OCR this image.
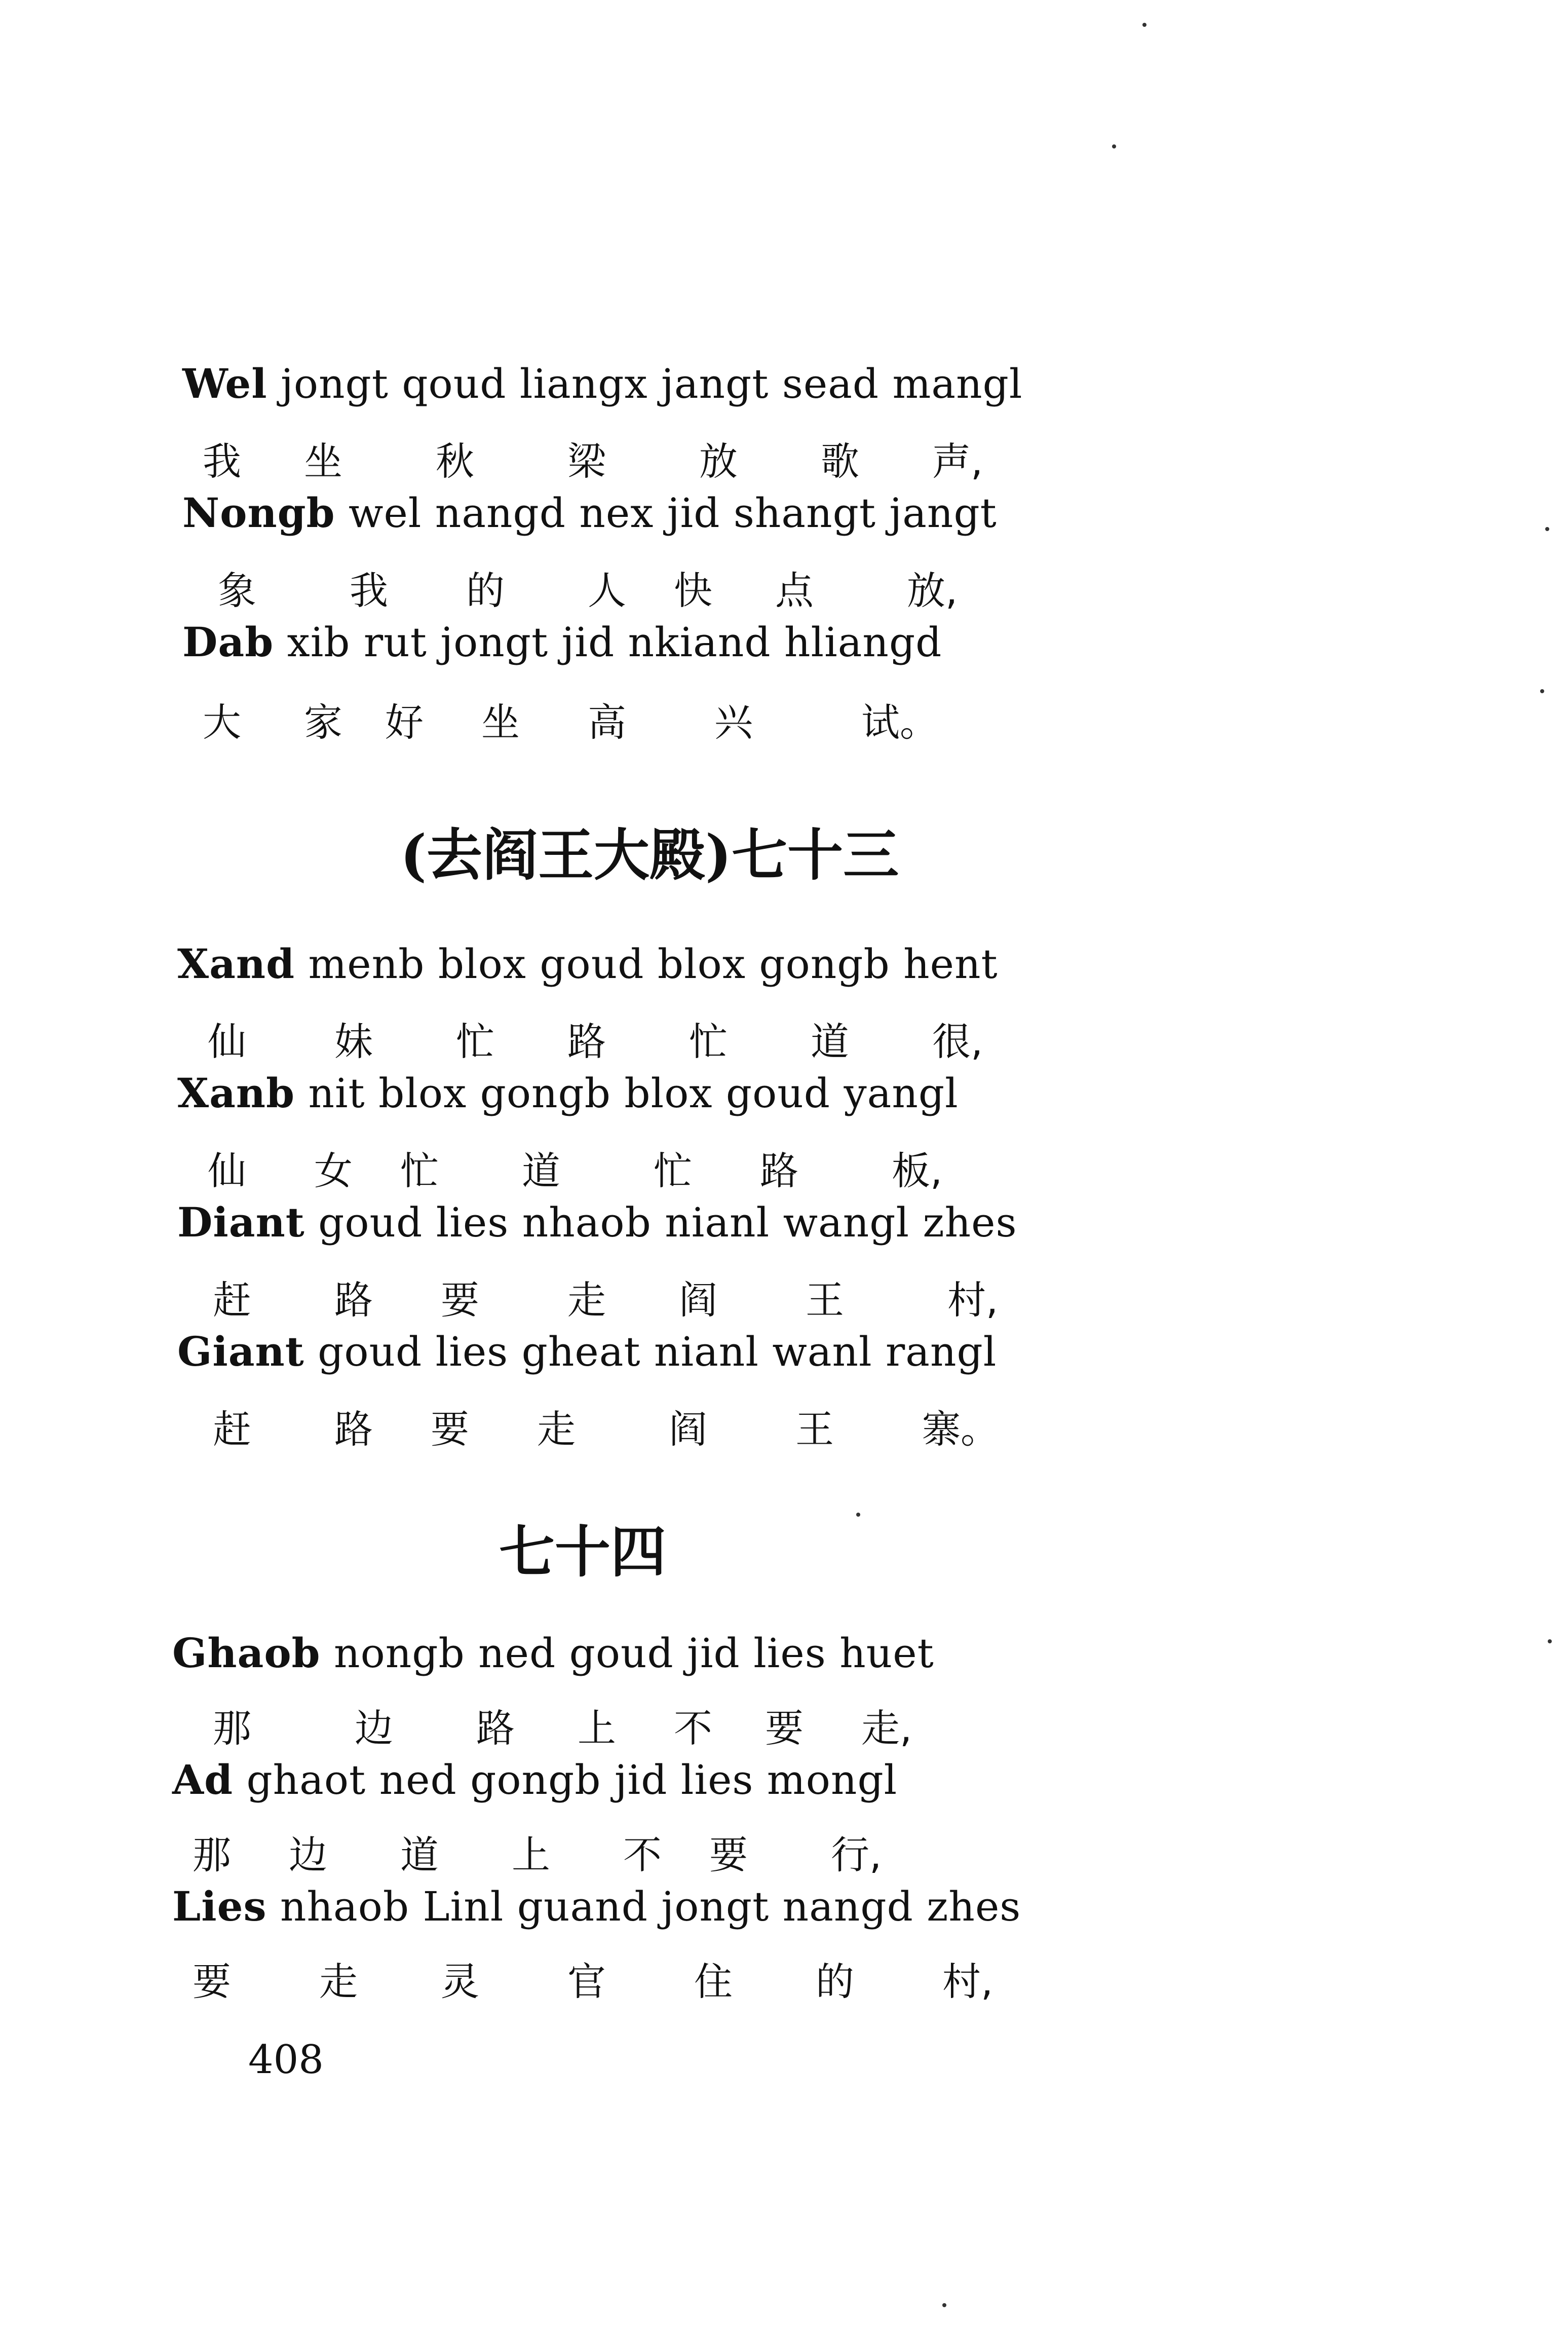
Wel jongt qoud liangx jangt sead mangl

我 坐 秋 梁 放 歌 声,

Nongb wel nangd nex jid shangt jangt

象 我 的 人 快 点 放,

Dab xib rut jongt jid nkiand hliangd

大 家 好 坐 高 兴	试。
(去阎王大殿)七十三

Xand menb blox goud blox gongb hent

仙 妹 忙 路 忙 道 很,

Xanb nit blox gongb blox goud yangl

仙 女 忙 道 忙 路 板,

Diant goud lies nhaob nianl wangl zhes

赶 路 要 走 阎 王	村,

Giant goud lies gheat nianl wanl rangl

赶 路 要 走 阎 王 寨。
七十四

Ghaob nongb ned goud jid lies huet

那	边 路 上 不 要 走,

Ad ghaot ned gongb jid lies mongl

那 边 道 上 不 要 行,

Lies nhaob Linl guand jongt nangd zhes

要 走 灵 官 住 的 村,
408
